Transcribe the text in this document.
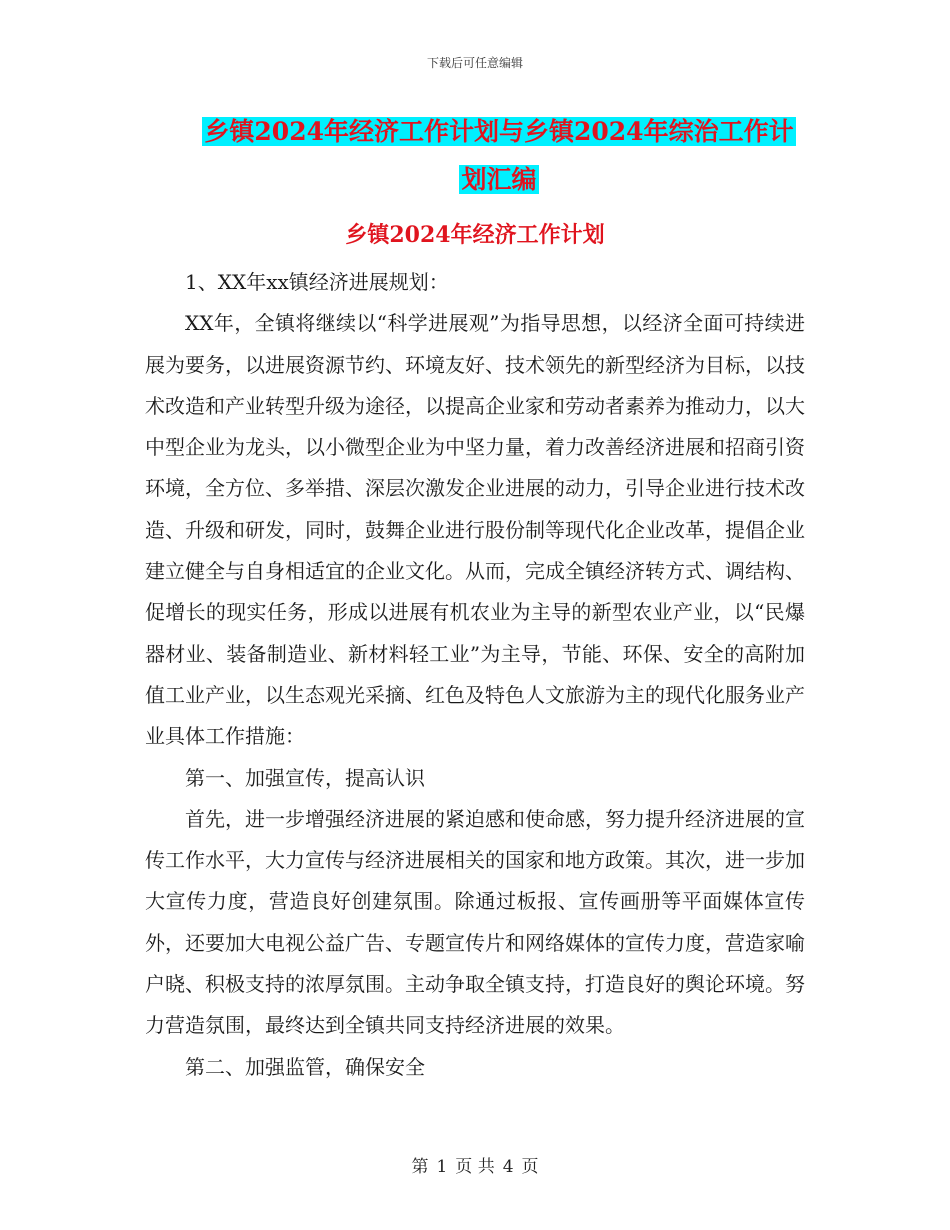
下载后可任意编辑
乡镇2024年经济工作计划与乡镇2024年综治工作计
划汇编
乡镇2024年经济工作计划

1、XX年xx镇经济进展规划：

XX年，全镇将继续以“科学进展观”为指导思想，以经济全面可持续进展为要务，以进展资源节约、环境友好、技术领先的新型经济为目标，以技术改造和产业转型升级为途径，以提高企业家和劳动者素养为推动力，以大中型企业为龙头，以小微型企业为中坚力量，着力改善经济进展和招商引资环境，全方位、多举措、深层次激发企业进展的动力，引导企业进行技术改造、升级和研发，同时，鼓舞企业进行股份制等现代化企业改革，提倡企业建立健全与自身相适宜的企业文化。从而，完成全镇经济转方式、调结构、促增长的现实任务，形成以进展有机农业为主导的新型农业产业，以“民爆器材业、装备制造业、新材料轻工业”为主导，节能、环保、安全的高附加值工业产业，以生态观光采摘、红色及特色人文旅游为主的现代化服务业产业具体工作措施：

第一、加强宣传，提高认识

首先，进一步增强经济进展的紧迫感和使命感，努力提升经济进展的宣传工作水平，大力宣传与经济进展相关的国家和地方政策。其次，进一步加大宣传力度，营造良好创建氛围。除通过板报、宣传画册等平面媒体宣传外，还要加大电视公益广告、专题宣传片和网络媒体的宣传力度，营造家喻户晓、积极支持的浓厚氛围。主动争取全镇支持，打造良好的舆论环境。努力营造氛围，最终达到全镇共同支持经济进展的效果。

第二、加强监管，确保安全

第 1 页 共 4 页
